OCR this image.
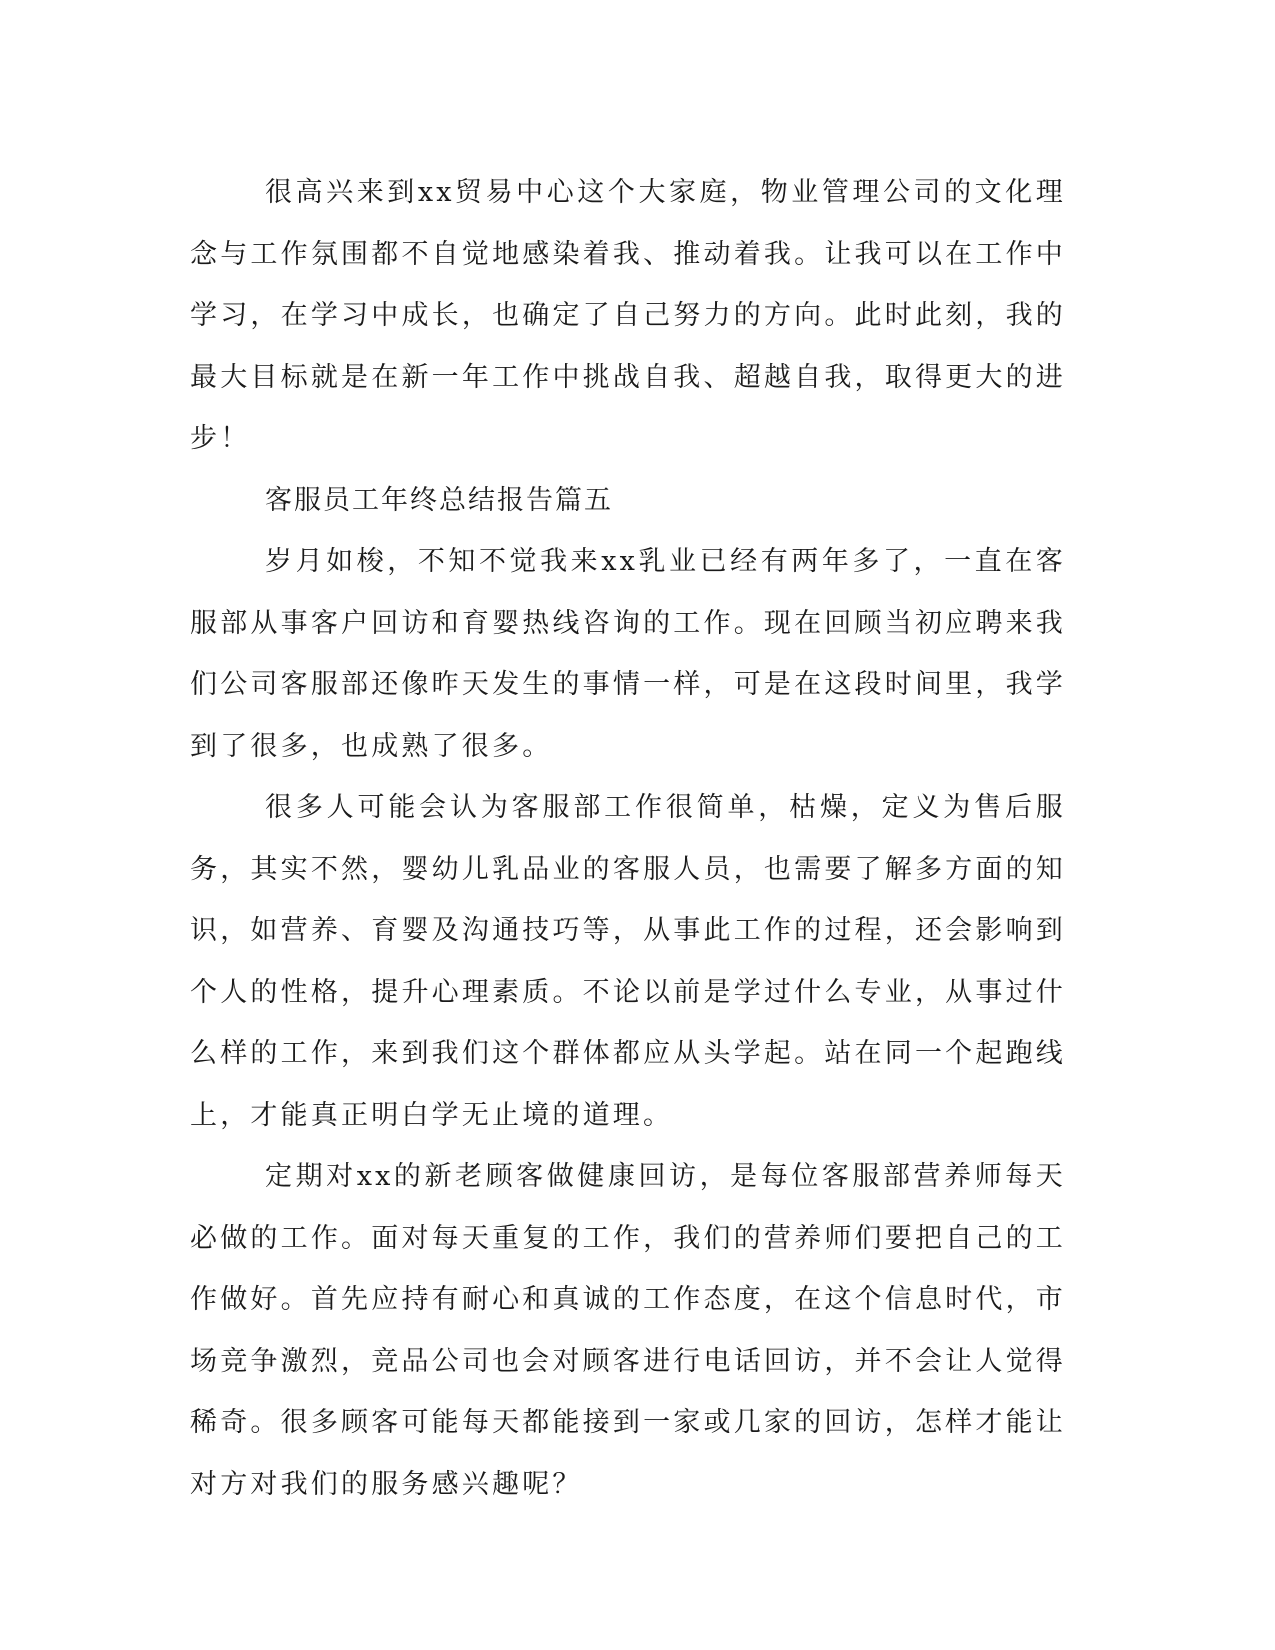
很高兴来到xx贸易中心这个大家庭，物业管理公司的文化理念与工作氛围都不自觉地感染着我、推动着我。让我可以在工作中学习，在学习中成长，也确定了自己努力的方向。此时此刻，我的最大目标就是在新一年工作中挑战自我、超越自我，取得更大的进步！

客服员工年终总结报告篇五

岁月如梭，不知不觉我来xx乳业已经有两年多了，一直在客服部从事客户回访和育婴热线咨询的工作。现在回顾当初应聘来我们公司客服部还像昨天发生的事情一样，可是在这段时间里，我学到了很多，也成熟了很多。

很多人可能会认为客服部工作很简单，枯燥，定义为售后服务，其实不然，婴幼儿乳品业的客服人员，也需要了解多方面的知识，如营养、育婴及沟通技巧等，从事此工作的过程，还会影响到个人的性格，提升心理素质。不论以前是学过什么专业，从事过什么样的工作，来到我们这个群体都应从头学起。站在同一个起跑线上，才能真正明白学无止境的道理。

定期对xx的新老顾客做健康回访，是每位客服部营养师每天必做的工作。面对每天重复的工作，我们的营养师们要把自己的工作做好。首先应持有耐心和真诚的工作态度，在这个信息时代，市场竞争激烈，竞品公司也会对顾客进行电话回访，并不会让人觉得稀奇。很多顾客可能每天都能接到一家或几家的回访，怎样才能让对方对我们的服务感兴趣呢？
